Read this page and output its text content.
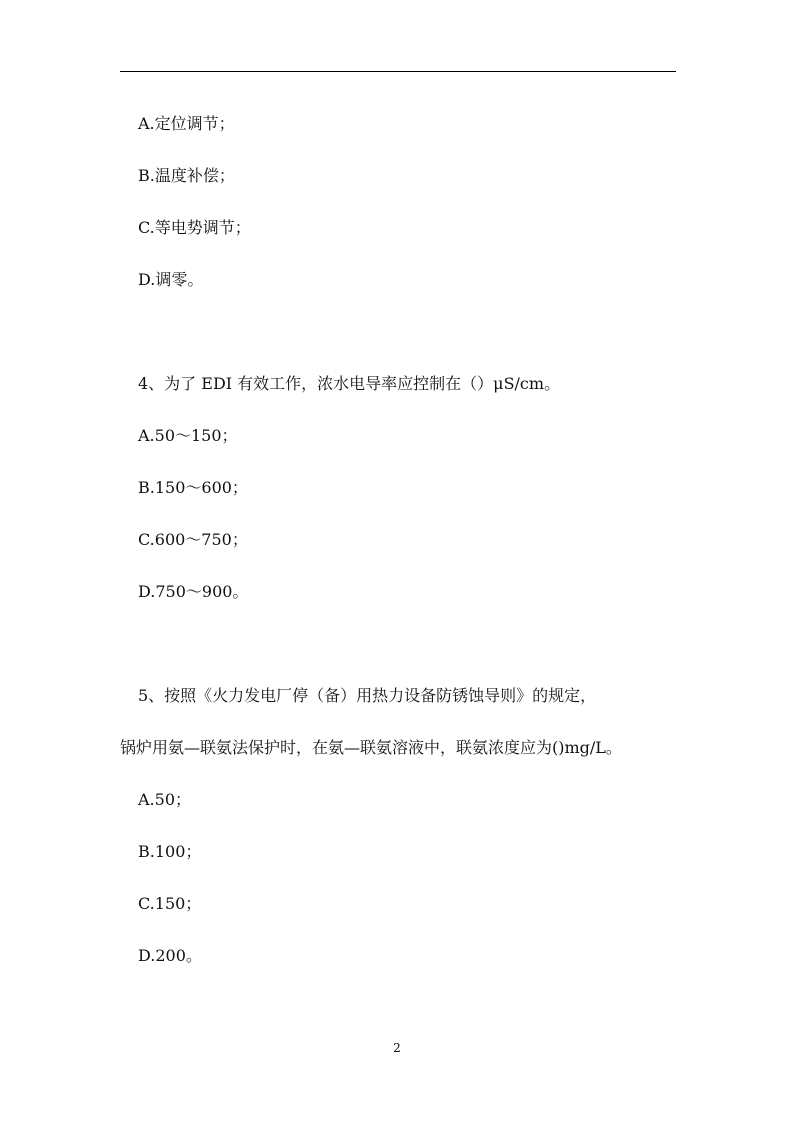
A.定位调节；
B.温度补偿；
C.等电势调节；
D.调零。
4、为了 EDI 有效工作，浓水电导率应控制在（）μS/cm。
A.50～150；
B.150～600；
C.600～750；
D.750～900。
5、按照《火力发电厂停（备）用热力设备防锈蚀导则》的规定，
锅炉用氨—联氨法保护时，在氨—联氨溶液中，联氨浓度应为()mg/L。
A.50；
B.100；
C.150；
D.200。
2
